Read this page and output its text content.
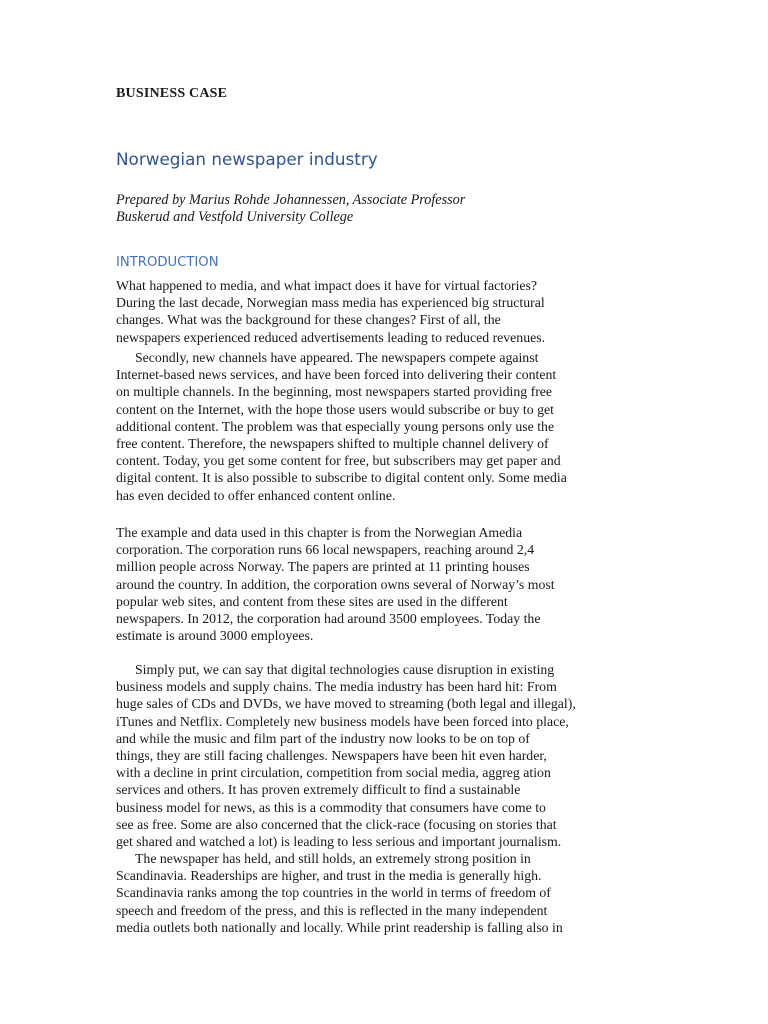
BUSINESS CASE

Norwegian newspaper industry

Prepared by Marius Rohde Johannessen, Associate Professor
Buskerud and Vestfold University College

INTRODUCTION

What happened to media, and what impact does it have for virtual factories?
During the last decade, Norwegian mass media has experienced big structural
changes. What was the background for these changes? First of all, the
newspapers experienced reduced advertisements leading to reduced revenues.

Secondly, new channels have appeared. The newspapers compete against
Internet-based news services, and have been forced into delivering their content
on multiple channels. In the beginning, most newspapers started providing free
content on the Internet, with the hope those users would subscribe or buy to get
additional content. The problem was that especially young persons only use the
free content. Therefore, the newspapers shifted to multiple channel delivery of
content. Today, you get some content for free, but subscribers may get paper and
digital content. It is also possible to subscribe to digital content only. Some media
has even decided to offer enhanced content online.

The example and data used in this chapter is from the Norwegian Amedia
corporation. The corporation runs 66 local newspapers, reaching around 2,4
million people across Norway. The papers are printed at 11 printing houses
around the country. In addition, the corporation owns several of Norway’s most
popular web sites, and content from these sites are used in the different
newspapers. In 2012, the corporation had around 3500 employees. Today the
estimate is around 3000 employees.

Simply put, we can say that digital technologies cause disruption in existing
business models and supply chains. The media industry has been hard hit: From
huge sales of CDs and DVDs, we have moved to streaming (both legal and illegal),
iTunes and Netflix. Completely new business models have been forced into place,
and while the music and film part of the industry now looks to be on top of
things, they are still facing challenges. Newspapers have been hit even harder,
with a decline in print circulation, competition from social media, aggreg ation
services and others. It has proven extremely difficult to find a sustainable
business model for news, as this is a commodity that consumers have come to
see as free. Some are also concerned that the click-race (focusing on stories that
get shared and watched a lot) is leading to less serious and important journalism.

The newspaper has held, and still holds, an extremely strong position in
Scandinavia. Readerships are higher, and trust in the media is generally high.
Scandinavia ranks among the top countries in the world in terms of freedom of
speech and freedom of the press, and this is reflected in the many independent
media outlets both nationally and locally. While print readership is falling also in
